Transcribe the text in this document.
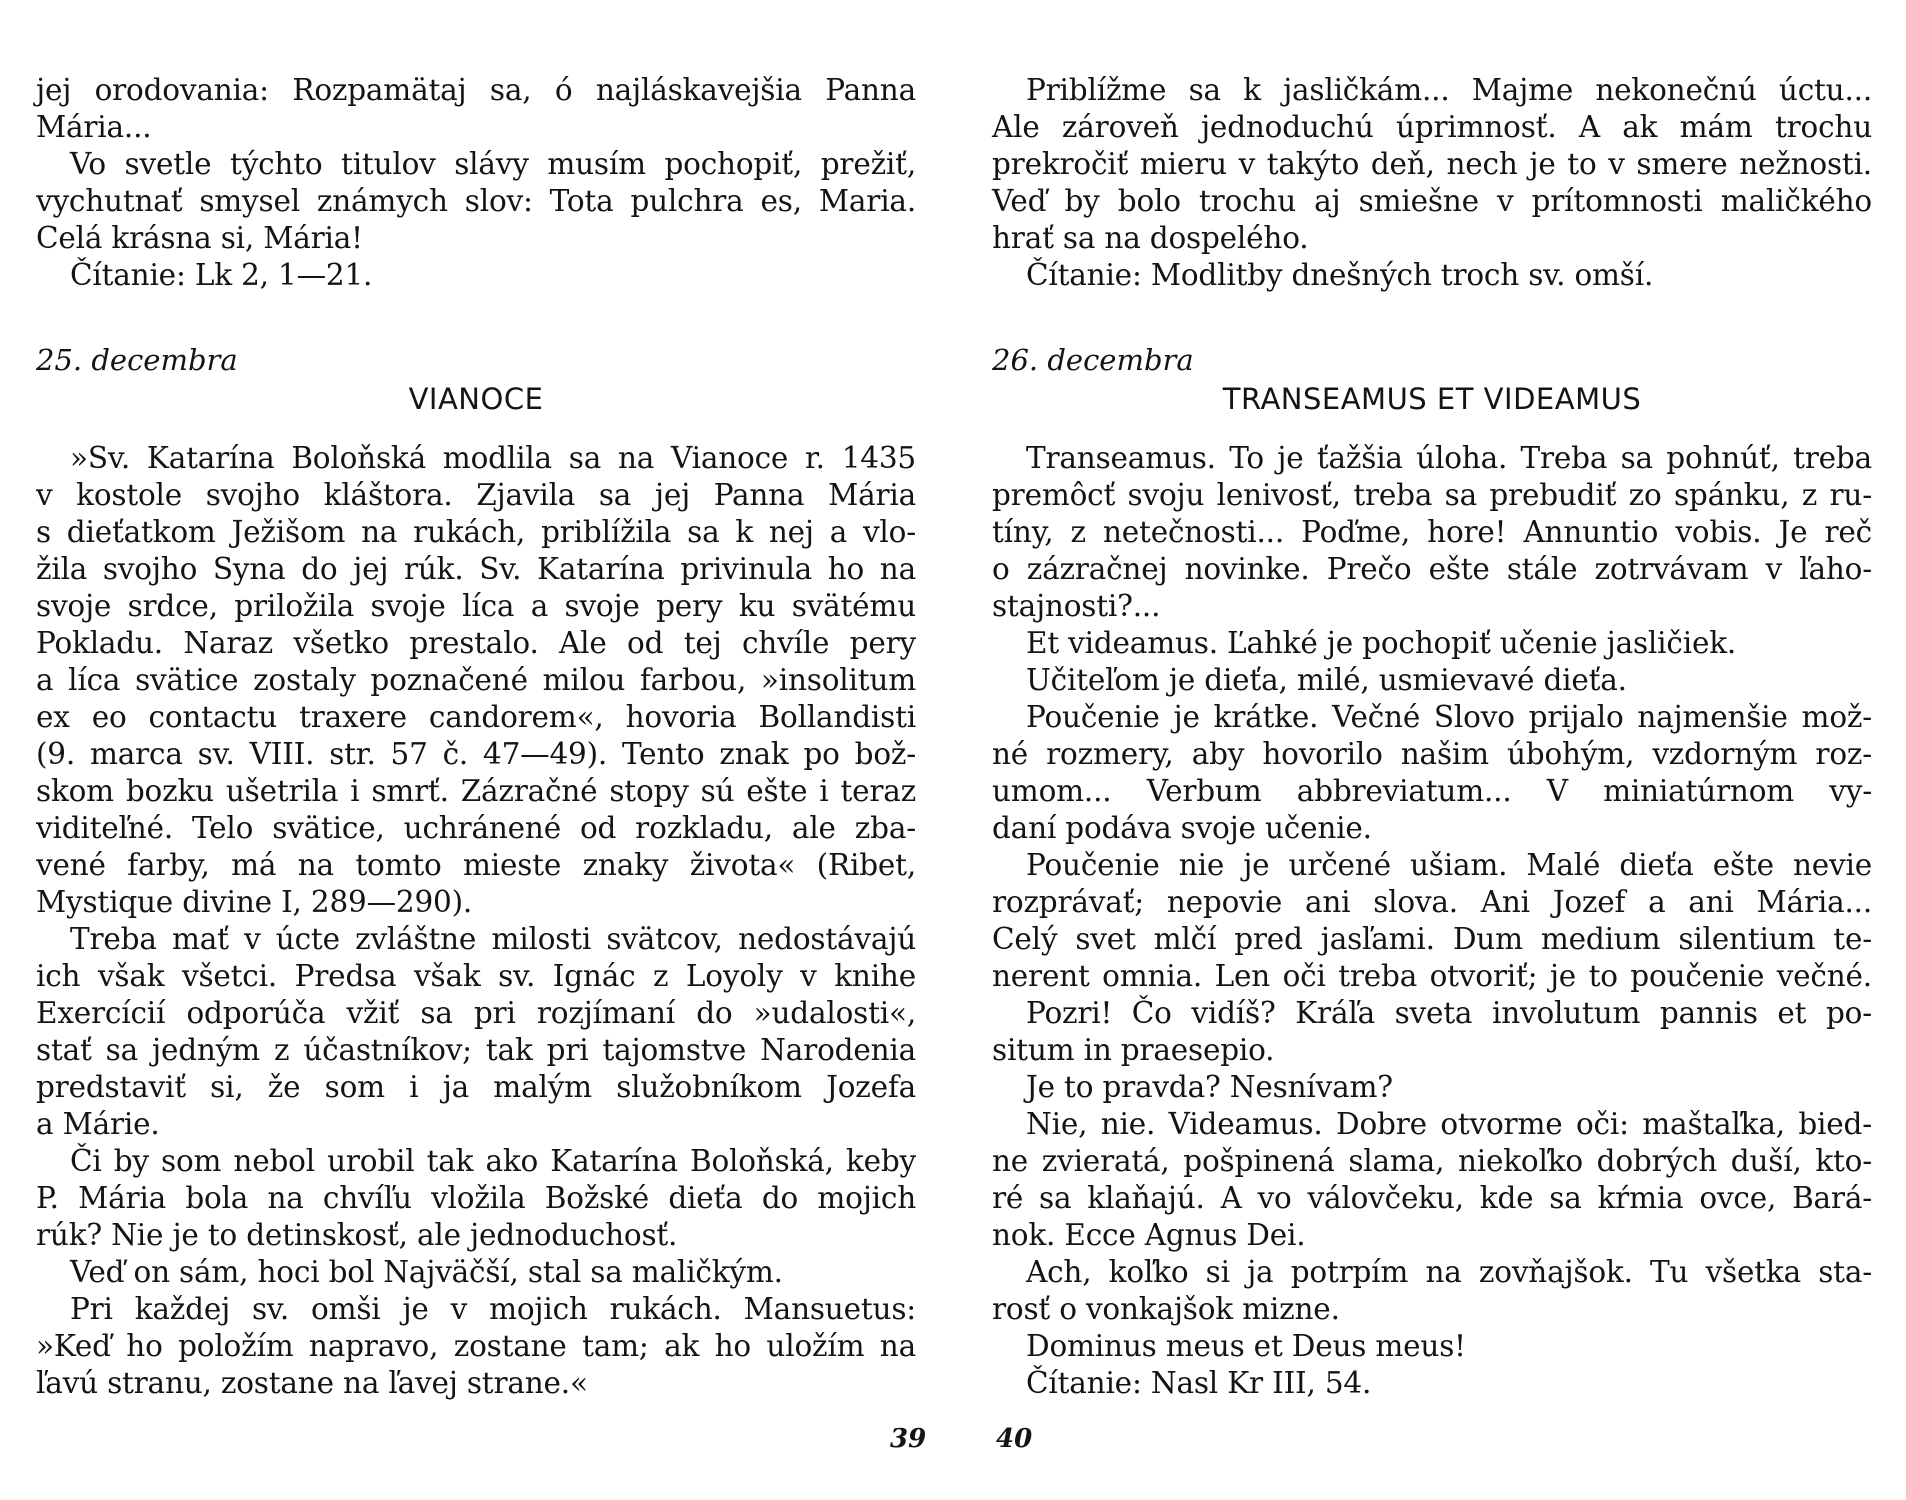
jej orodovania: Rozpamätaj sa, ó najláskavejšia Panna
Mária...
Vo svetle týchto titulov slávy musím pochopiť, prežiť,
vychutnať smysel známych slov: Tota pulchra es, Maria.
Celá krásna si, Mária!
Čítanie: Lk 2, 1—21.
25. decembra
VIANOCE
»Sv. Katarína Boloňská modlila sa na Vianoce r. 1435
v kostole svojho kláštora. Zjavila sa jej Panna Mária
s dieťatkom Ježišom na rukách, priblížila sa k nej a vlo-
žila svojho Syna do jej rúk. Sv. Katarína privinula ho na
svoje srdce, priložila svoje líca a svoje pery ku svätému
Pokladu. Naraz všetko prestalo. Ale od tej chvíle pery
a líca svätice zostaly poznačené milou farbou, »insolitum
ex eo contactu traxere candorem«, hovoria Bollandisti
(9. marca sv. VIII. str. 57 č. 47—49). Tento znak po bož-
skom bozku ušetrila i smrť. Zázračné stopy sú ešte i teraz
viditeľné. Telo svätice, uchránené od rozkladu, ale zba-
vené farby, má na tomto mieste znaky života« (Ribet,
Mystique divine I, 289—290).
Treba mať v úcte zvláštne milosti svätcov, nedostávajú
ich však všetci. Predsa však sv. Ignác z Loyoly v knihe
Exercícií odporúča vžiť sa pri rozjímaní do »udalosti«,
stať sa jedným z účastníkov; tak pri tajomstve Narodenia
predstaviť si, že som i ja malým služobníkom Jozefa
a Márie.
Či by som nebol urobil tak ako Katarína Boloňská, keby
P. Mária bola na chvíľu vložila Božské dieťa do mojich
rúk? Nie je to detinskosť, ale jednoduchosť.
Veď on sám, hoci bol Najväčší, stal sa maličkým.
Pri každej sv. omši je v mojich rukách. Mansuetus:
»Keď ho položím napravo, zostane tam; ak ho uložím na
ľavú stranu, zostane na ľavej strane.«
Priblížme sa k jasličkám... Majme nekonečnú úctu...
Ale zároveň jednoduchú úprimnosť. A ak mám trochu
prekročiť mieru v takýto deň, nech je to v smere nežnosti.
Veď by bolo trochu aj smiešne v prítomnosti maličkého
hrať sa na dospelého.
Čítanie: Modlitby dnešných troch sv. omší.
26. decembra
TRANSEAMUS ET VIDEAMUS
Transeamus. To je ťažšia úloha. Treba sa pohnúť, treba
premôcť svoju lenivosť, treba sa prebudiť zo spánku, z ru-
tíny, z netečnosti... Poďme, hore! Annuntio vobis. Je reč
o zázračnej novinke. Prečo ešte stále zotrvávam v ľaho-
stajnosti?...
Et videamus. Ľahké je pochopiť učenie jasličiek.
Učiteľom je dieťa, milé, usmievavé dieťa.
Poučenie je krátke. Večné Slovo prijalo najmenšie mož-
né rozmery, aby hovorilo našim úbohým, vzdorným roz-
umom... Verbum abbreviatum... V miniatúrnom vy-
daní podáva svoje učenie.
Poučenie nie je určené ušiam. Malé dieťa ešte nevie
rozprávať; nepovie ani slova. Ani Jozef a ani Mária...
Celý svet mlčí pred jasľami. Dum medium silentium te-
nerent omnia. Len oči treba otvoriť; je to poučenie večné.
Pozri! Čo vidíš? Kráľa sveta involutum pannis et po-
situm in praesepio.
Je to pravda? Nesnívam?
Nie, nie. Videamus. Dobre otvorme oči: maštaľka, bied-
ne zvieratá, pošpinená slama, niekoľko dobrých duší, kto-
ré sa klaňajú. A vo válovčeku, kde sa kŕmia ovce, Bará-
nok. Ecce Agnus Dei.
Ach, koľko si ja potrpím na zovňajšok. Tu všetka sta-
rosť o vonkajšok mizne.
Dominus meus et Deus meus!
Čítanie: Nasl Kr III, 54.
39	40
